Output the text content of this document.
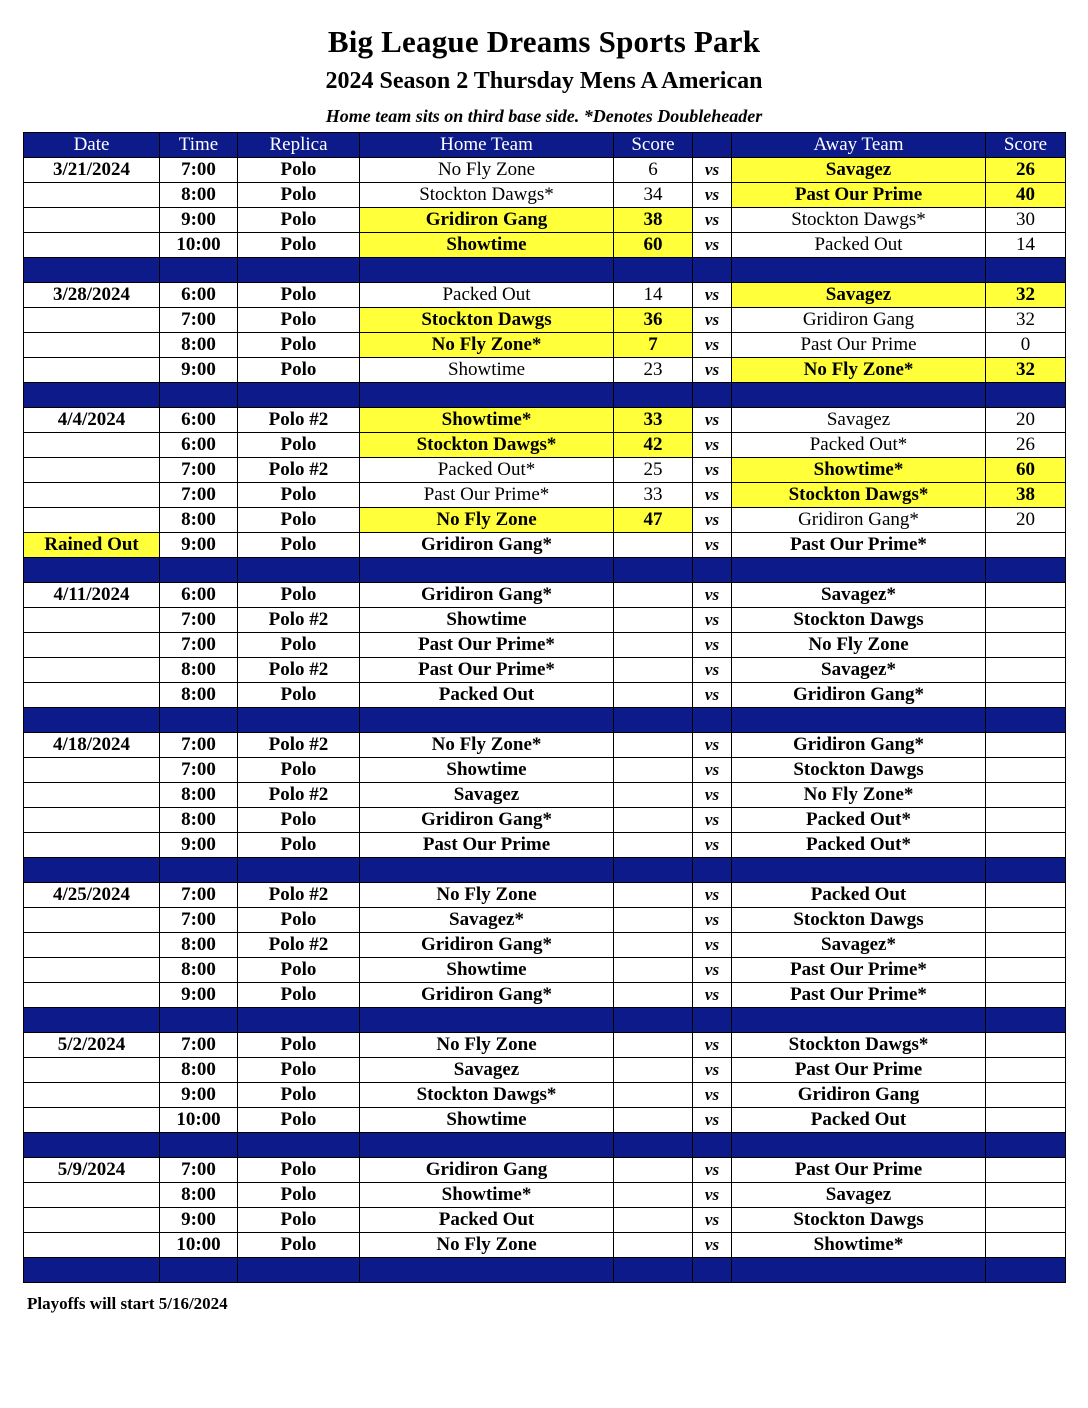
Big League Dreams Sports Park
2024 Season 2 Thursday Mens A American
Home team sits on third base side. *Denotes Doubleheader
Date	Time	Replica	Home Team	Score		Away Team	Score
3/21/2024	7:00	Polo	No Fly Zone	6	vs	Savagez	26
	8:00	Polo	Stockton Dawgs*	34	vs	Past Our Prime	40
	9:00	Polo	Gridiron Gang	38	vs	Stockton Dawgs*	30
	10:00	Polo	Showtime	60	vs	Packed Out	14

3/28/2024	6:00	Polo	Packed Out	14	vs	Savagez	32
	7:00	Polo	Stockton Dawgs	36	vs	Gridiron Gang	32
	8:00	Polo	No Fly Zone*	7	vs	Past Our Prime	0
	9:00	Polo	Showtime	23	vs	No Fly Zone*	32

4/4/2024	6:00	Polo #2	Showtime*	33	vs	Savagez	20
	6:00	Polo	Stockton Dawgs*	42	vs	Packed Out*	26
	7:00	Polo #2	Packed Out*	25	vs	Showtime*	60
	7:00	Polo	Past Our Prime*	33	vs	Stockton Dawgs*	38
	8:00	Polo	No Fly Zone	47	vs	Gridiron Gang*	20
Rained Out	9:00	Polo	Gridiron Gang*		vs	Past Our Prime*	

4/11/2024	6:00	Polo	Gridiron Gang*		vs	Savagez*	
	7:00	Polo #2	Showtime		vs	Stockton Dawgs	
	7:00	Polo	Past Our Prime*		vs	No Fly Zone	
	8:00	Polo #2	Past Our Prime*		vs	Savagez*	
	8:00	Polo	Packed Out		vs	Gridiron Gang*	

4/18/2024	7:00	Polo #2	No Fly Zone*		vs	Gridiron Gang*	
	7:00	Polo	Showtime		vs	Stockton Dawgs	
	8:00	Polo #2	Savagez		vs	No Fly Zone*	
	8:00	Polo	Gridiron Gang*		vs	Packed Out*	
	9:00	Polo	Past Our Prime		vs	Packed Out*	

4/25/2024	7:00	Polo #2	No Fly Zone		vs	Packed Out	
	7:00	Polo	Savagez*		vs	Stockton Dawgs	
	8:00	Polo #2	Gridiron Gang*		vs	Savagez*	
	8:00	Polo	Showtime		vs	Past Our Prime*	
	9:00	Polo	Gridiron Gang*		vs	Past Our Prime*	

5/2/2024	7:00	Polo	No Fly Zone		vs	Stockton Dawgs*	
	8:00	Polo	Savagez		vs	Past Our Prime	
	9:00	Polo	Stockton Dawgs*		vs	Gridiron Gang	
	10:00	Polo	Showtime		vs	Packed Out	

5/9/2024	7:00	Polo	Gridiron Gang		vs	Past Our Prime	
	8:00	Polo	Showtime*		vs	Savagez	
	9:00	Polo	Packed Out		vs	Stockton Dawgs	
	10:00	Polo	No Fly Zone		vs	Showtime*	

Playoffs will start 5/16/2024
